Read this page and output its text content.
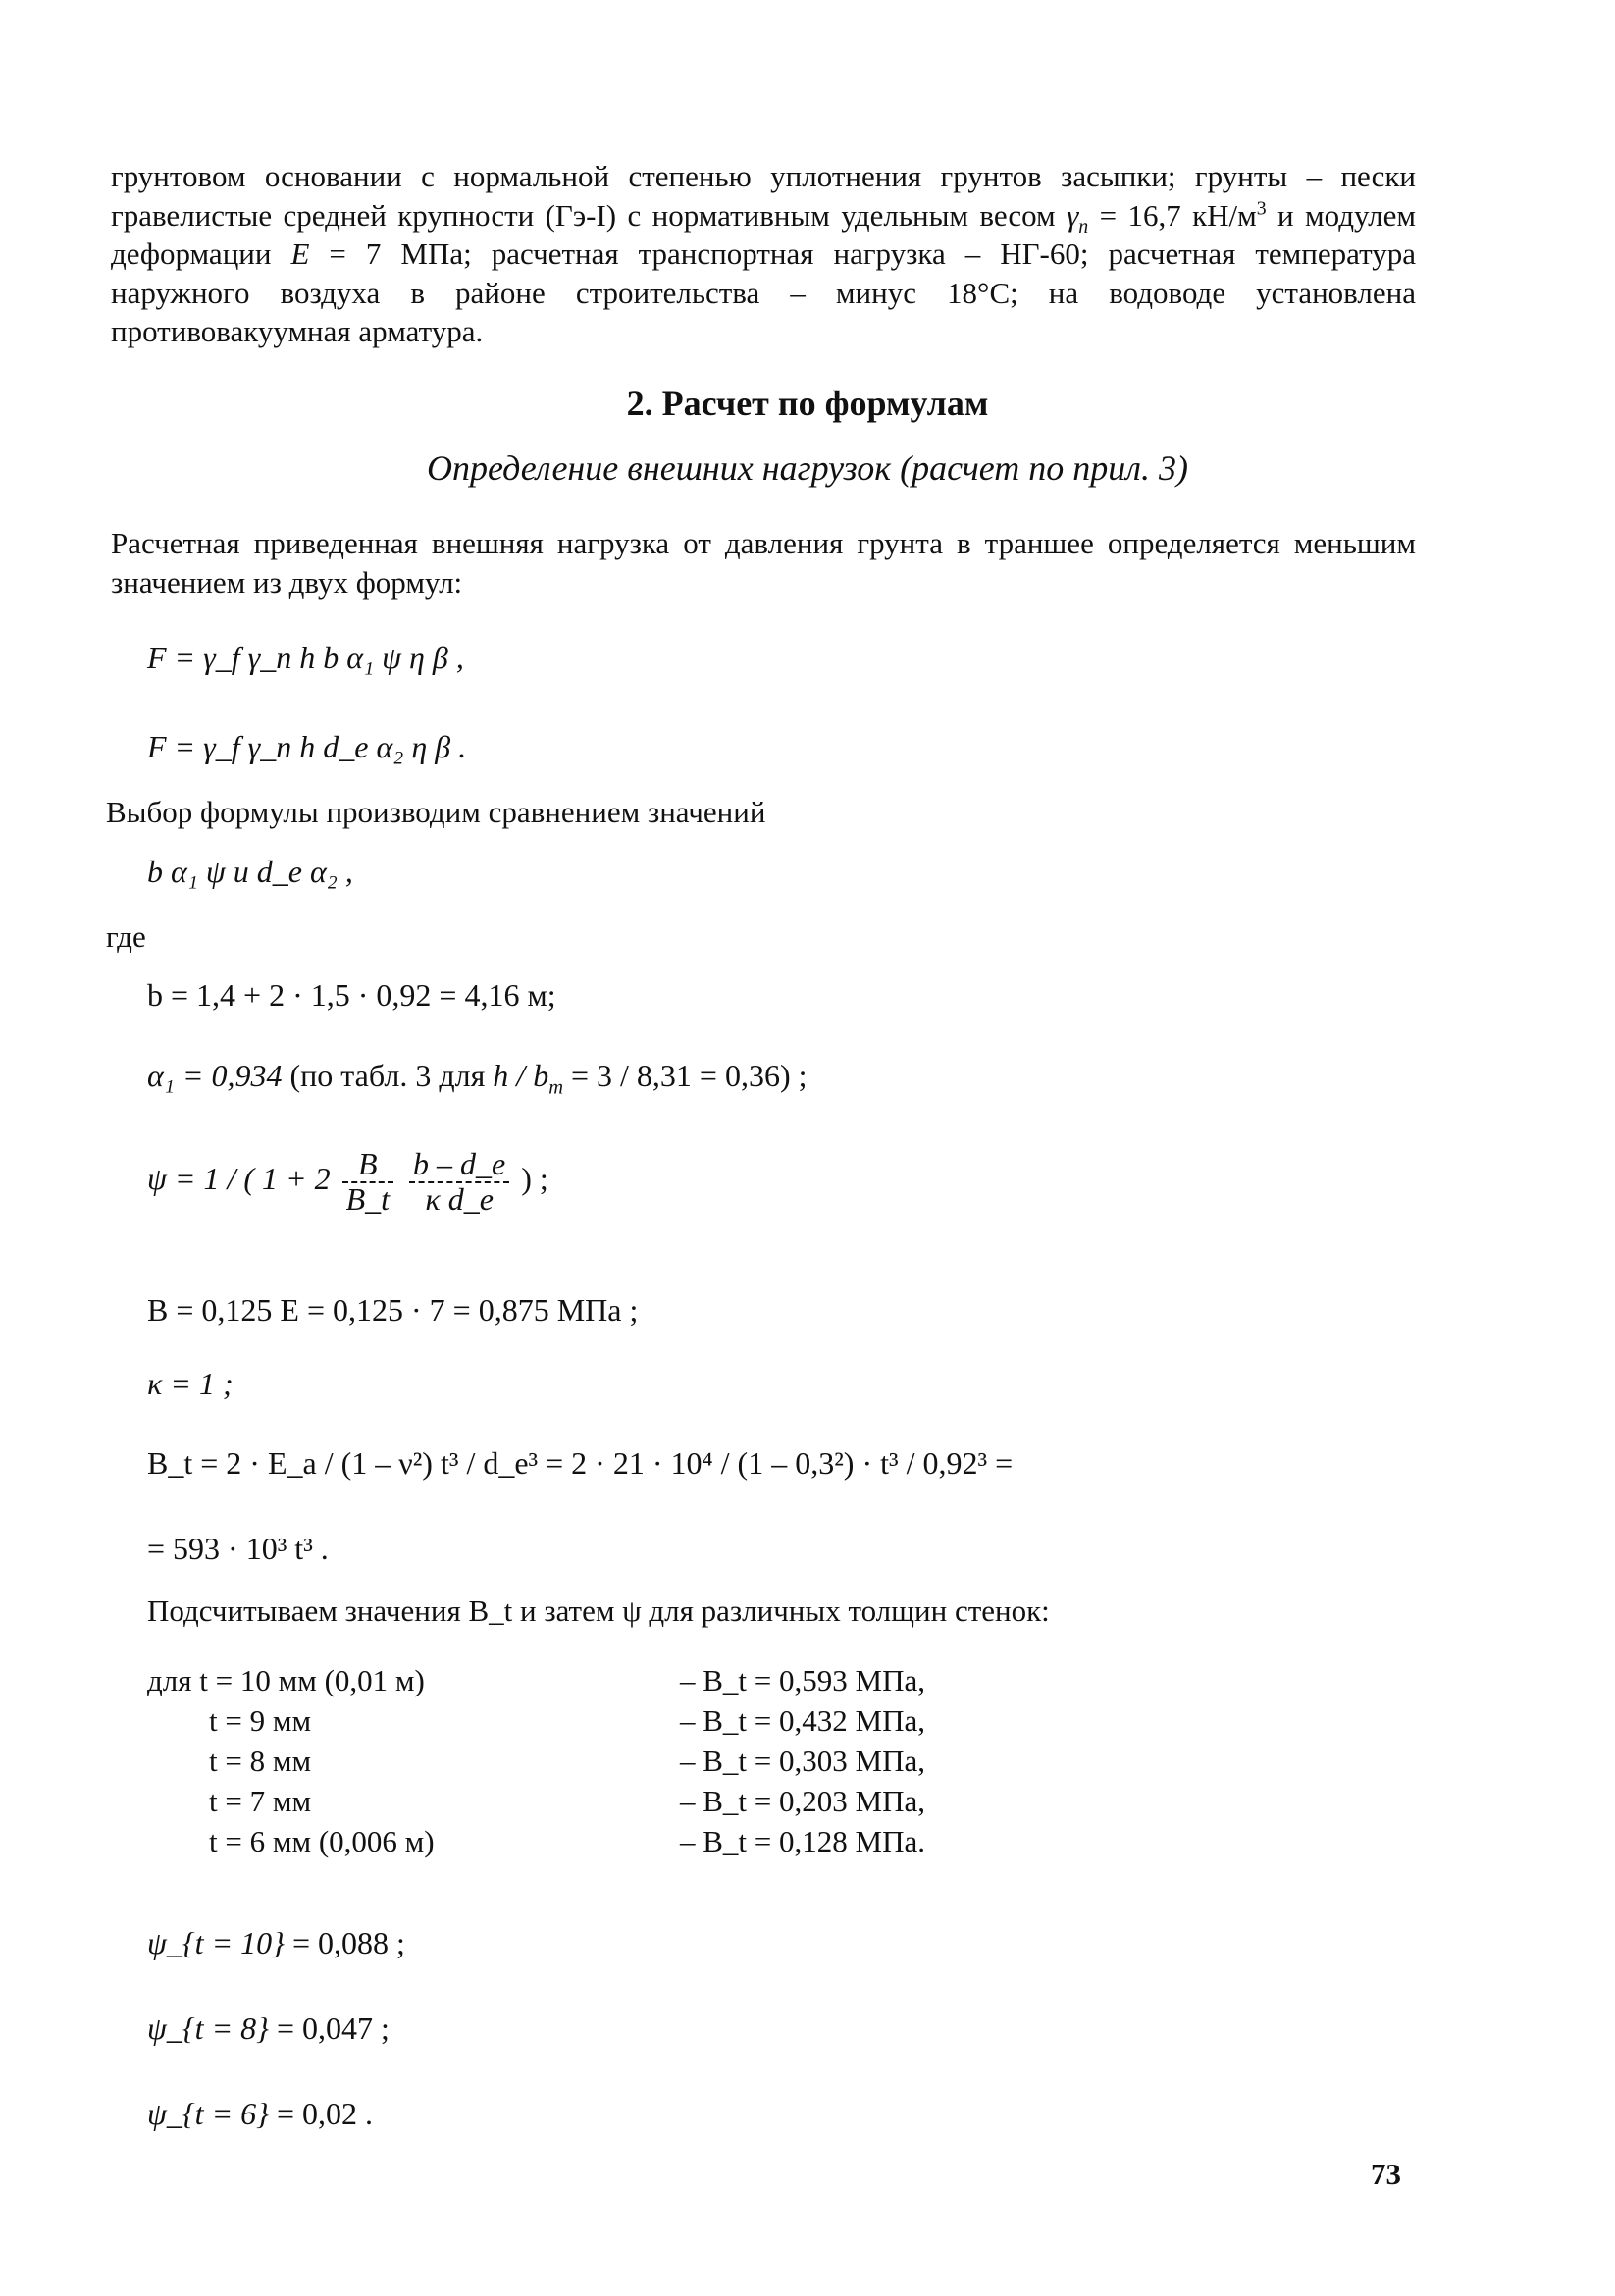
грунтовом основании с нормальной степенью уплотнения грунтов засыпки; грунты – пески гравелистые средней крупности (Гэ-I) с нормативным удельным весом $\gamma_n = 16,7$ $кН/м^3$ и модулем деформации E = 7 МПа; расчетная транспортная нагрузка – НГ-60; расчетная температура наружного воздуха в районе строительства – минус 18°С; на водоводе установлена противовакуумная арматура.

2. Расчет по формулам
Определение внешних нагрузок (расчет по прил. 3)

Расчетная приведенная внешняя нагрузка от давления грунта в траншее определяется меньшим значением из двух формул:

F = γ_f γ_n h b α₁ ψ η β ,
F = γ_f γ_n h d_e α₂ η β .
Выбор формулы производим сравнением значений
b α₁ ψ и d_e α₂ ,
где
b = 1,4 + 2 · 1,5 · 0,92 = 4,16 м;
α₁ = 0,934 (по табл. 3 для $h / b_m = 3 / 8,31 = 0,36$) ;
ψ = 1 / ( $1 + 2 \frac{B}{B\_t}$
$\frac{b - d\_e}{\text{κ d\_e}}$ ) ;
B = 0,125 E = 0,125 · 7 = 0,875 МПа ;
κ = 1 ;
B_t = 2 · E_a / (1 – ν²) t³ / d_e³ = 2 · 21 · 10⁴ / (1 – 0,3²) · t³ / 0,92³ =
= 593 · 10³ t³ .
Подсчитываем значения B_t и затем ψ для различных толщин стенок:
для t = 10 мм (0,01 м)	– B_t = 0,593 МПа,
t = 9 мм	– B_t = 0,432 МПа,
t = 8 мм	– B_t = 0,303 МПа,
t = 7 мм	– B_t = 0,203 МПа,
t = 6 мм (0,006 м)	– B_t = 0,128 МПа.
ψ_{t = 10} = 0,088 ;
ψ_{t = 8} = 0,047 ;
ψ_{t = 6} = 0,02 .
73
